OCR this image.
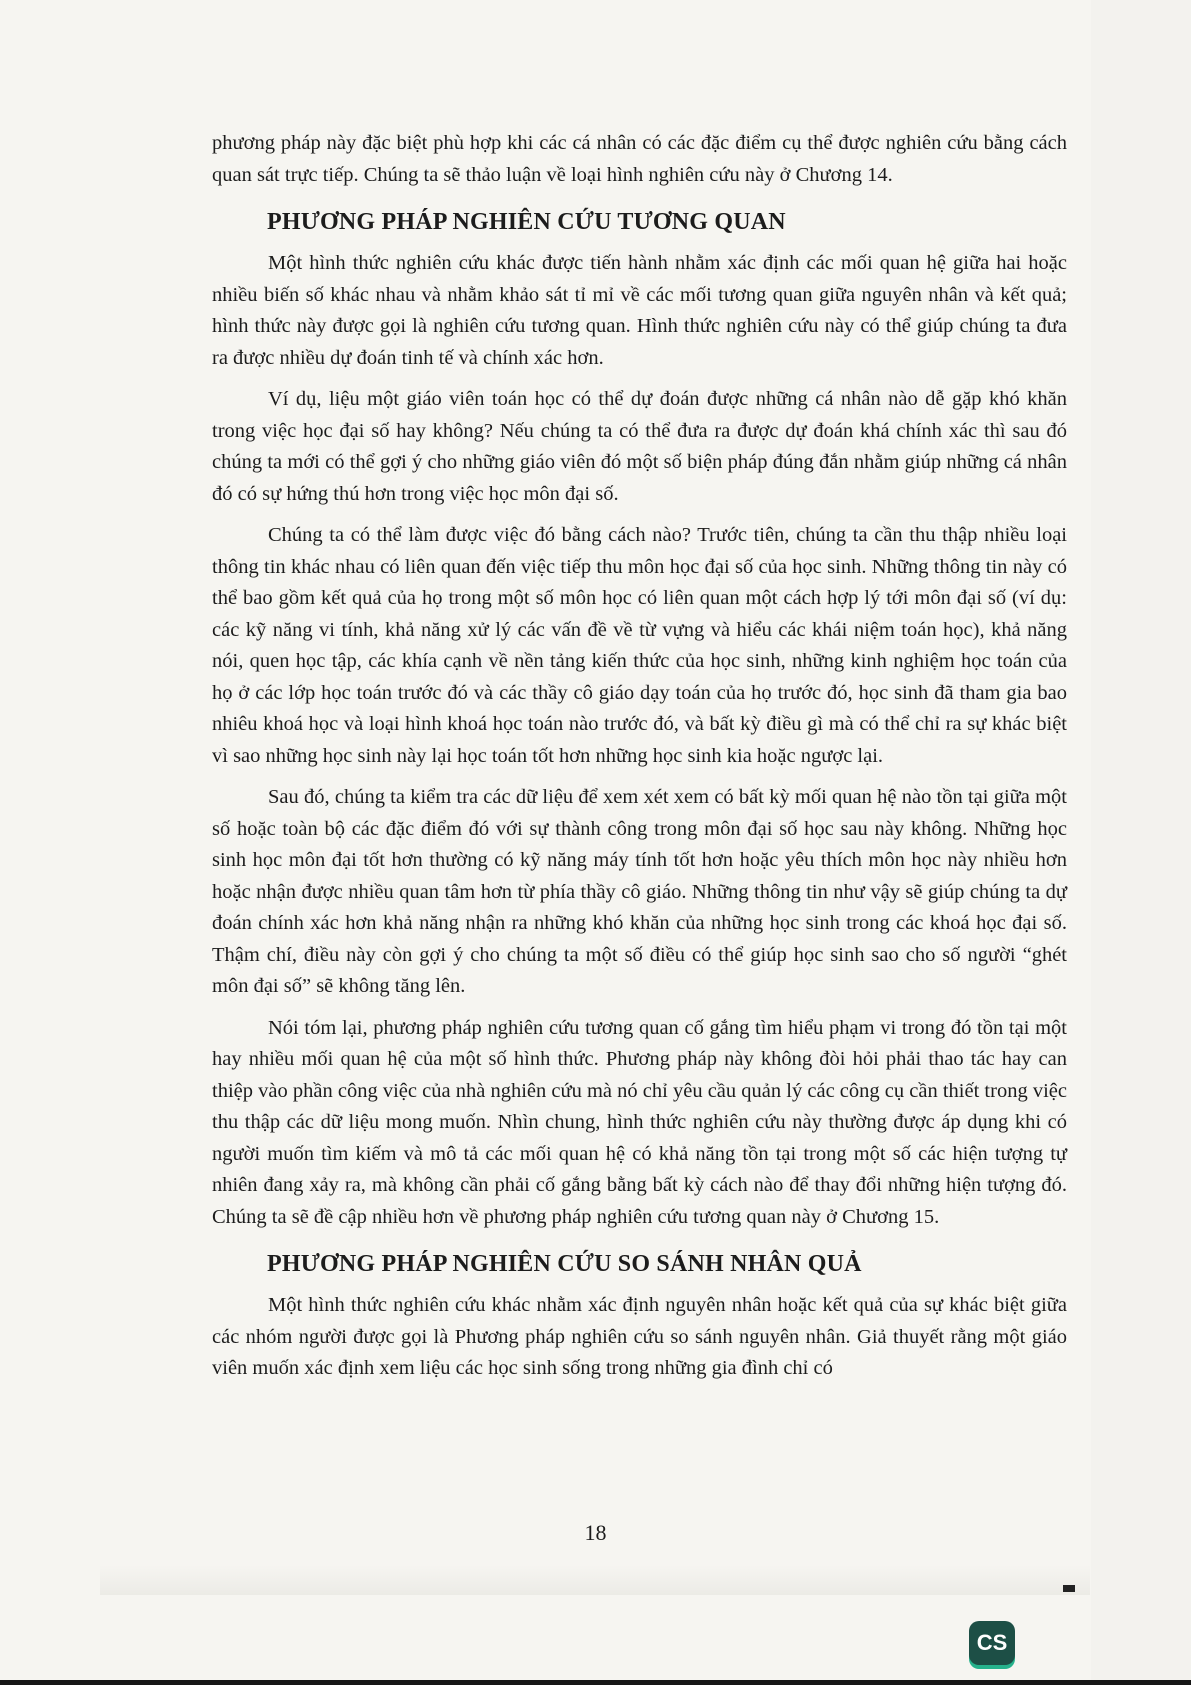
phương pháp này đặc biệt phù hợp khi các cá nhân có các đặc điểm cụ thể được nghiên cứu bằng cách quan sát trực tiếp. Chúng ta sẽ thảo luận về loại hình nghiên cứu này ở Chương 14.

PHƯƠNG PHÁP NGHIÊN CỨU TƯƠNG QUAN

Một hình thức nghiên cứu khác được tiến hành nhằm xác định các mối quan hệ giữa hai hoặc nhiều biến số khác nhau và nhằm khảo sát tỉ mỉ về các mối tương quan giữa nguyên nhân và kết quả; hình thức này được gọi là nghiên cứu tương quan. Hình thức nghiên cứu này có thể giúp chúng ta đưa ra được nhiều dự đoán tinh tế và chính xác hơn.

Ví dụ, liệu một giáo viên toán học có thể dự đoán được những cá nhân nào dễ gặp khó khăn trong việc học đại số hay không? Nếu chúng ta có thể đưa ra được dự đoán khá chính xác thì sau đó chúng ta mới có thể gợi ý cho những giáo viên đó một số biện pháp đúng đắn nhằm giúp những cá nhân đó có sự hứng thú hơn trong việc học môn đại số.

Chúng ta có thể làm được việc đó bằng cách nào? Trước tiên, chúng ta cần thu thập nhiều loại thông tin khác nhau có liên quan đến việc tiếp thu môn học đại số của học sinh. Những thông tin này có thể bao gồm kết quả của họ trong một số môn học có liên quan một cách hợp lý tới môn đại số (ví dụ: các kỹ năng vi tính, khả năng xử lý các vấn đề về từ vựng và hiểu các khái niệm toán học), khả năng nói, quen học tập, các khía cạnh về nền tảng kiến thức của học sinh, những kinh nghiệm học toán của họ ở các lớp học toán trước đó và các thầy cô giáo dạy toán của họ trước đó, học sinh đã tham gia bao nhiêu khoá học và loại hình khoá học toán nào trước đó, và bất kỳ điều gì mà có thể chỉ ra sự khác biệt vì sao những học sinh này lại học toán tốt hơn những học sinh kia hoặc ngược lại.

Sau đó, chúng ta kiểm tra các dữ liệu để xem xét xem có bất kỳ mối quan hệ nào tồn tại giữa một số hoặc toàn bộ các đặc điểm đó với sự thành công trong môn đại số học sau này không. Những học sinh học môn đại tốt hơn thường có kỹ năng máy tính tốt hơn hoặc yêu thích môn học này nhiều hơn hoặc nhận được nhiều quan tâm hơn từ phía thầy cô giáo. Những thông tin như vậy sẽ giúp chúng ta dự đoán chính xác hơn khả năng nhận ra những khó khăn của những học sinh trong các khoá học đại số. Thậm chí, điều này còn gợi ý cho chúng ta một số điều có thể giúp học sinh sao cho số người “ghét môn đại số” sẽ không tăng lên.

Nói tóm lại, phương pháp nghiên cứu tương quan cố gắng tìm hiểu phạm vi trong đó tồn tại một hay nhiều mối quan hệ của một số hình thức. Phương pháp này không đòi hỏi phải thao tác hay can thiệp vào phần công việc của nhà nghiên cứu mà nó chỉ yêu cầu quản lý các công cụ cần thiết trong việc thu thập các dữ liệu mong muốn. Nhìn chung, hình thức nghiên cứu này thường được áp dụng khi có người muốn tìm kiếm và mô tả các mối quan hệ có khả năng tồn tại trong một số các hiện tượng tự nhiên đang xảy ra, mà không cần phải cố gắng bằng bất kỳ cách nào để thay đổi những hiện tượng đó. Chúng ta sẽ đề cập nhiều hơn về phương pháp nghiên cứu tương quan này ở Chương 15.

PHƯƠNG PHÁP NGHIÊN CỨU SO SÁNH NHÂN QUẢ

Một hình thức nghiên cứu khác nhằm xác định nguyên nhân hoặc kết quả của sự khác biệt giữa các nhóm người được gọi là Phương pháp nghiên cứu so sánh nguyên nhân. Giả thuyết rằng một giáo viên muốn xác định xem liệu các học sinh sống trong những gia đình chỉ có

18
CS
